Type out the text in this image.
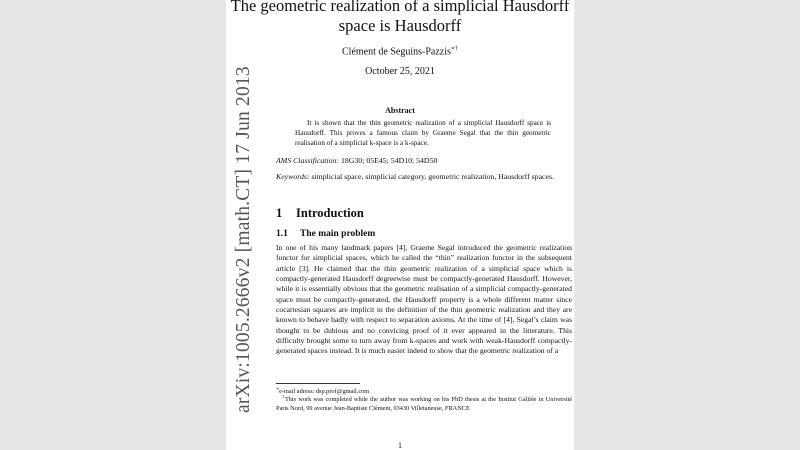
The geometric realization of a simplicial Hausdorff
space is Hausdorff
Clément de Seguins-Pazzis∗†
October 25, 2021
Abstract
It is shown that the thin geometric realization of a simplicial Hausdorff space is Hausdorff. This proves a famous claim by Graeme Segal that the thin geometric realisation of a simplicial k-space is a k-space.
AMS Classification: 18G30; 05E45; 54D10; 54D50
Keywords: simplicial space, simplicial category, geometric realization, Hausdorff spaces.
1 Introduction
1.1 The main problem
In one of his many landmark papers [4], Graeme Segal introduced the geometric realization functor for simplicial spaces, which he called the “thin” realization functor in the subsequent article [3]. He claimed that the thin geometric realization of a simplicial space which is compactly-generated Hausdorff degreewise must be compactly-generated Hausdorff. However, while it is essentially obvious that the geometric realisation of a simplicial compactly-generated space must be compactly-generated, the Hausdorff property is a whole different matter since cocartesian squares are implicit in the definition of the thin geometric realization and they are known to behave badly with respect to separation axioms. At the time of [4], Segal’s claim was thought to be dubious and no convicing proof of it ever appeared in the litterature. This difficulty brought some to turn away from k-spaces and work with weak-Hausdorff compactly-generated spaces instead. It is much easier indeed to show that the geometric realization of a
∗e-mail adress: dsp.prof@gmail.com
†This work was completed while the author was working on his PhD thesis at the Institut Galilée in Université Paris Nord, 99 avenue Jean-Baptiste Clément, 93430 Villetaneuse, FRANCE
1
arXiv:1005.2666v2 [math.CT] 17 Jun 2013
